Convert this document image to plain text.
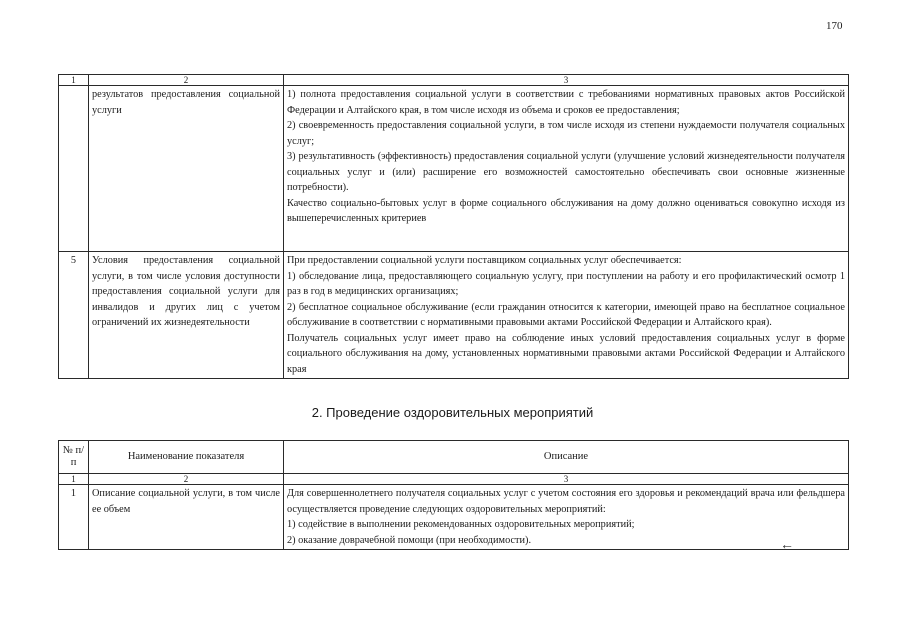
170
1	2	3
	результатов предоставления социальной услуги	1) полнота предоставления социальной услуги в соответствии с требованиями нормативных правовых актов Российской Федерации и Алтайского края, в том числе исходя из объема и сроков ее предоставления;

2) своевременность предоставления социальной услуги, в том числе исходя из степени нуждаемости получателя социальных услуг;

3) результативность (эффективность) предоставления социальной услуги (улучшение условий жизнедеятельности получателя социальных услуг и (или) расширение его возможностей самостоятельно обеспечивать свои основные жизненные потребности).

Качество социально-бытовых услуг в форме социального обслуживания на дому должно оцениваться совокупно исходя из вышеперечисленных критериев

5	Условия предоставления социальной услуги, в том числе условия доступности предоставления социальной услуги для инвалидов и других лиц с учетом ограничений их жизнедеятельности	При предоставлении социальной услуги поставщиком социальных услуг обеспечивается:

1) обследование лица, предоставляющего социальную услугу, при поступлении на работу и его профилактический осмотр 1 раз в год в медицинских организациях;

2) бесплатное социальное обслуживание (если гражданин относится к категории, имеющей право на бесплатное социальное обслуживание в соответствии с нормативными правовыми актами Российской Федерации и Алтайского края).

Получатель социальных услуг имеет право на соблюдение иных условий предоставления социальных услуг в форме социального обслуживания на дому, установленных нормативными правовыми актами Российской Федерации и Алтайского края

2. Проведение оздоровительных мероприятий
№ п/п	Наименование показателя	Описание
1	2	3
1	Описание социальной услуги, в том числе ее объем	Для совершеннолетнего получателя социальных услуг с учетом состояния его здоровья и рекомендаций врача или фельдшера осуществляется проведение следующих оздоровительных мероприятий:

1) содействие в выполнении рекомендованных оздоровительных мероприятий;

2) оказание доврачебной помощи (при необходимости).	←
